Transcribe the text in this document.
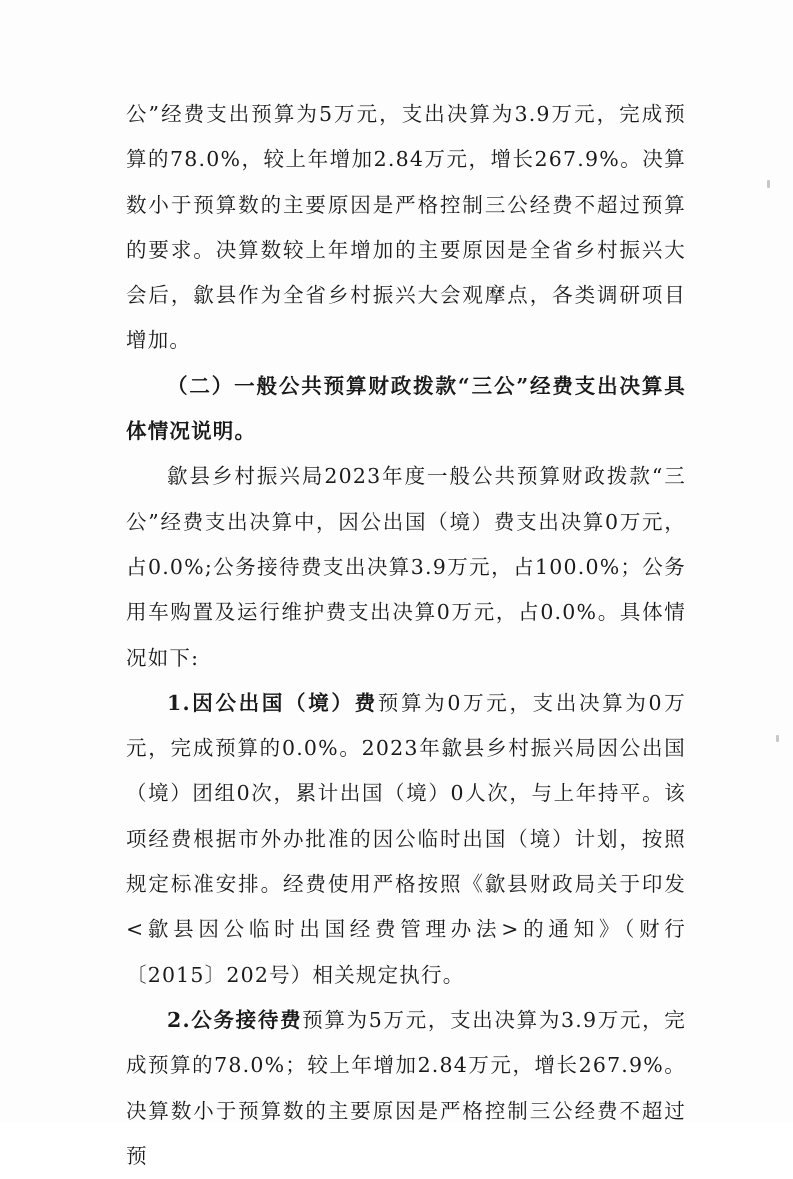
公”经费支出预算为5万元，支出决算为3.9万元，完成预算的78.0%，较上年增加2.84万元，增长267.9%。决算数小于预算数的主要原因是严格控制三公经费不超过预算的要求。决算数较上年增加的主要原因是全省乡村振兴大会后，歙县作为全省乡村振兴大会观摩点，各类调研项目增加。

（二）一般公共预算财政拨款“三公”经费支出决算具体情况说明。

歙县乡村振兴局2023年度一般公共预算财政拨款“三公”经费支出决算中，因公出国（境）费支出决算0万元，占0.0%;公务接待费支出决算3.9万元，占100.0%；公务用车购置及运行维护费支出决算0万元，占0.0%。具体情况如下:

1.因公出国（境）费预算为0万元，支出决算为0万元，完成预算的0.0%。2023年歙县乡村振兴局因公出国（境）团组0次，累计出国（境）0人次，与上年持平。该项经费根据市外办批准的因公临时出国（境）计划，按照规定标准安排。经费使用严格按照《歙县财政局关于印发<歙县因公临时出国经费管理办法>的通知》（财行〔2015〕202号）相关规定执行。

2.公务接待费预算为5万元，支出决算为3.9万元，完成预算的78.0%；较上年增加2.84万元，增长267.9%。决算数小于预算数的主要原因是严格控制三公经费不超过预
